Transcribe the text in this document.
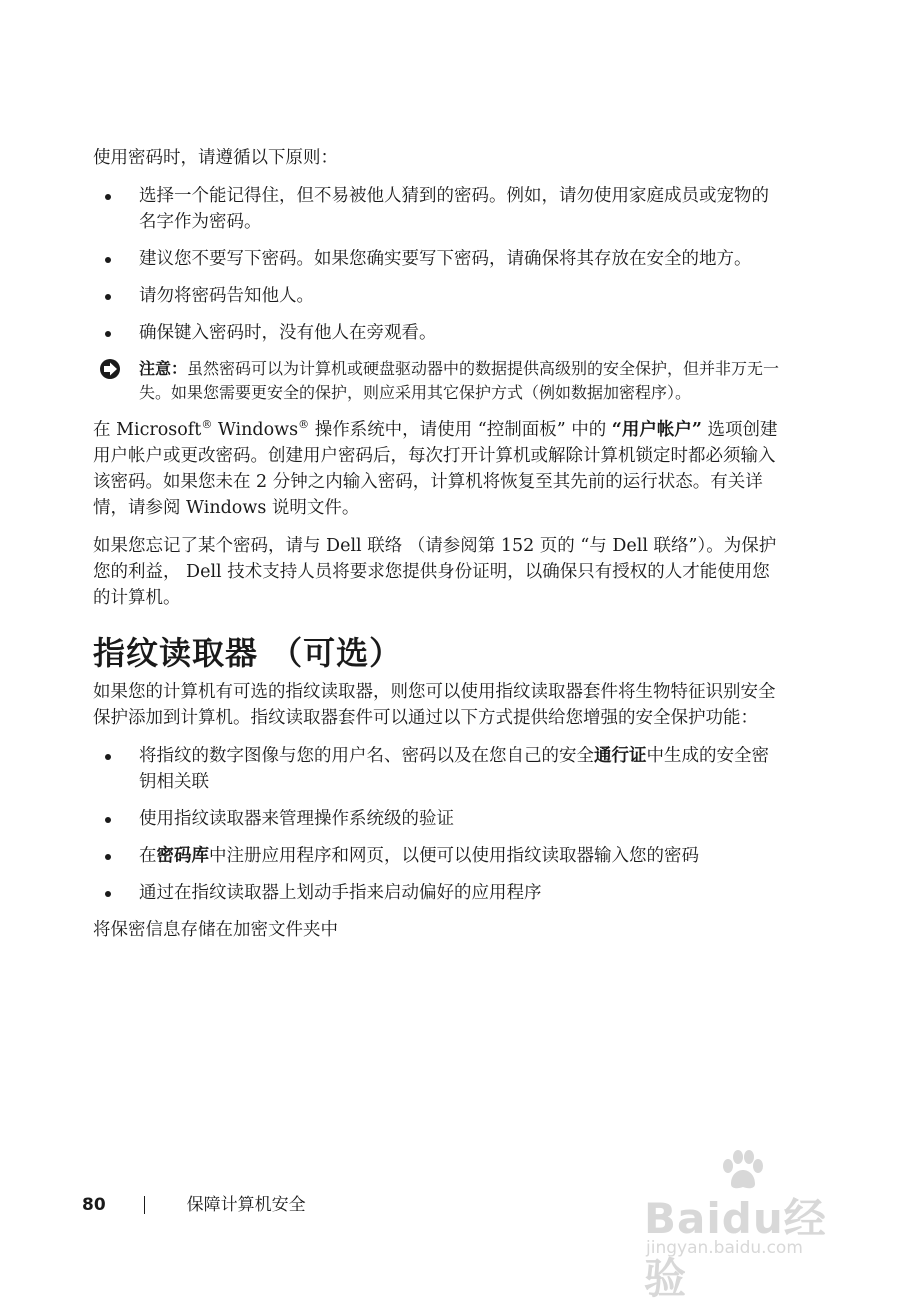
使用密码时，请遵循以下原则：

选择一个能记得住，但不易被他人猜到的密码。例如，请勿使用家庭成员或宠物的名字作为密码。
建议您不要写下密码。如果您确实要写下密码，请确保将其存放在安全的地方。
请勿将密码告知他人。
确保键入密码时，没有他人在旁观看。
注意：虽然密码可以为计算机或硬盘驱动器中的数据提供高级别的安全保护，但并非万无一失。如果您需要更安全的保护，则应采用其它保护方式（例如数据加密程序）。

在 Microsoft® Windows® 操作系统中，请使用 “控制面板” 中的 “用户帐户” 选项创建用户帐户或更改密码。创建用户密码后，每次打开计算机或解除计算机锁定时都必须输入该密码。如果您未在 2 分钟之内输入密码，计算机将恢复至其先前的运行状态。有关详情，请参阅 Windows 说明文件。

如果您忘记了某个密码，请与 Dell 联络 （请参阅第 152 页的 “与 Dell 联络”）。为保护您的利益， Dell 技术支持人员将要求您提供身份证明，以确保只有授权的人才能使用您的计算机。

指纹读取器 （可选）

如果您的计算机有可选的指纹读取器，则您可以使用指纹读取器套件将生物特征识别安全保护添加到计算机。指纹读取器套件可以通过以下方式提供给您增强的安全保护功能：

将指纹的数字图像与您的用户名、密码以及在您自己的安全通行证中生成的安全密钥相关联
使用指纹读取器来管理操作系统级的验证
在密码库中注册应用程序和网页，以便可以使用指纹读取器输入您的密码
通过在指纹读取器上划动手指来启动偏好的应用程序

将保密信息存储在加密文件夹中

80	保障计算机安全	Baidu经验
jingyan.baidu.com
